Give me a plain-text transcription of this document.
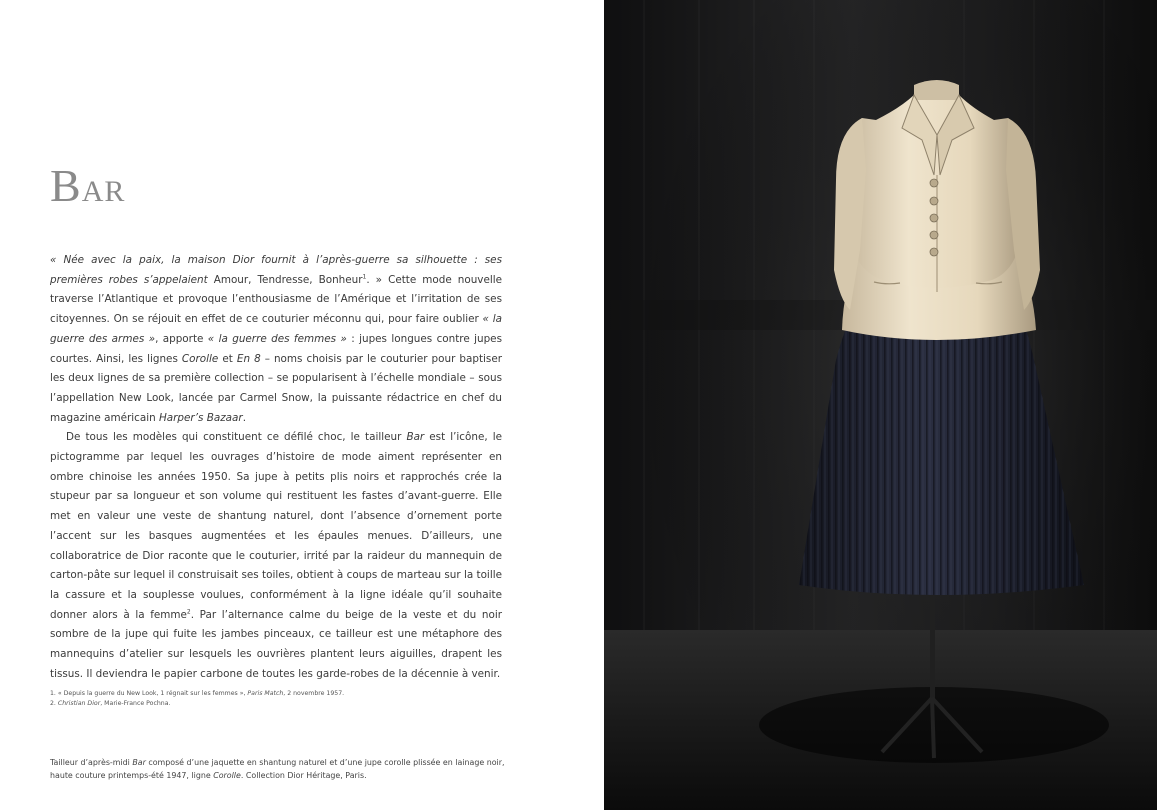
BAR

« Née avec la paix, la maison Dior fournit à l’après-guerre sa silhouette : ses premières robes s’appelaient Amour, Tendresse, Bonheur$^1$. » Cette mode nouvelle traverse l’Atlantique et provoque l’enthousiasme de l’Amérique et l’irritation de ses citoyennes. On se réjouit en effet de ce couturier méconnu qui, pour faire oublier « la guerre des armes », apporte « la guerre des femmes » : jupes longues contre jupes courtes. Ainsi, les lignes Corolle et En 8 – noms choisis par le couturier pour baptiser les deux lignes de sa première collection – se popularisent à l’échelle mondiale – sous l’appellation New Look, lancée par Carmel Snow, la puissante rédactrice en chef du magazine américain Harper’s Bazaar.

De tous les modèles qui constituent ce défilé choc, le tailleur Bar est l’icône, le pictogramme par lequel les ouvrages d’histoire de mode aiment représenter en ombre chinoise les années 1950. Sa jupe à petits plis noirs et rapprochés crée la stupeur par sa longueur et son volume qui restituent les fastes d’avant-guerre. Elle met en valeur une veste de shantung naturel, dont l’absence d’ornement porte l’accent sur les basques augmentées et les épaules menues. D’ailleurs, une collaboratrice de Dior raconte que le couturier, irrité par la raideur du mannequin de carton-pâte sur lequel il construisait ses toiles, obtient à coups de marteau sur la toille la cassure et la souplesse voulues, conformément à la ligne idéale qu’il souhaite donner alors à la femme$^2$. Par l’alternance calme du beige de la veste et du noir sombre de la jupe qui fuite les jambes pinceaux, ce tailleur est une métaphore des mannequins d’atelier sur lesquels les ouvrières plantent leurs aiguilles, drapent les tissus. Il deviendra le papier carbone de toutes les garde-robes de la décennie à venir.

1. « Depuis la guerre du New Look, 1 régnait sur les femmes », Paris Match, 2 novembre 1957.
2. Christian Dior, Marie-France Pochna.
Tailleur d’après-midi Bar composé d’une jaquette en shantung naturel et d’une jupe corolle plissée en lainage noir,
haute couture printemps-été 1947, ligne Corolle. Collection Dior Héritage, Paris.
